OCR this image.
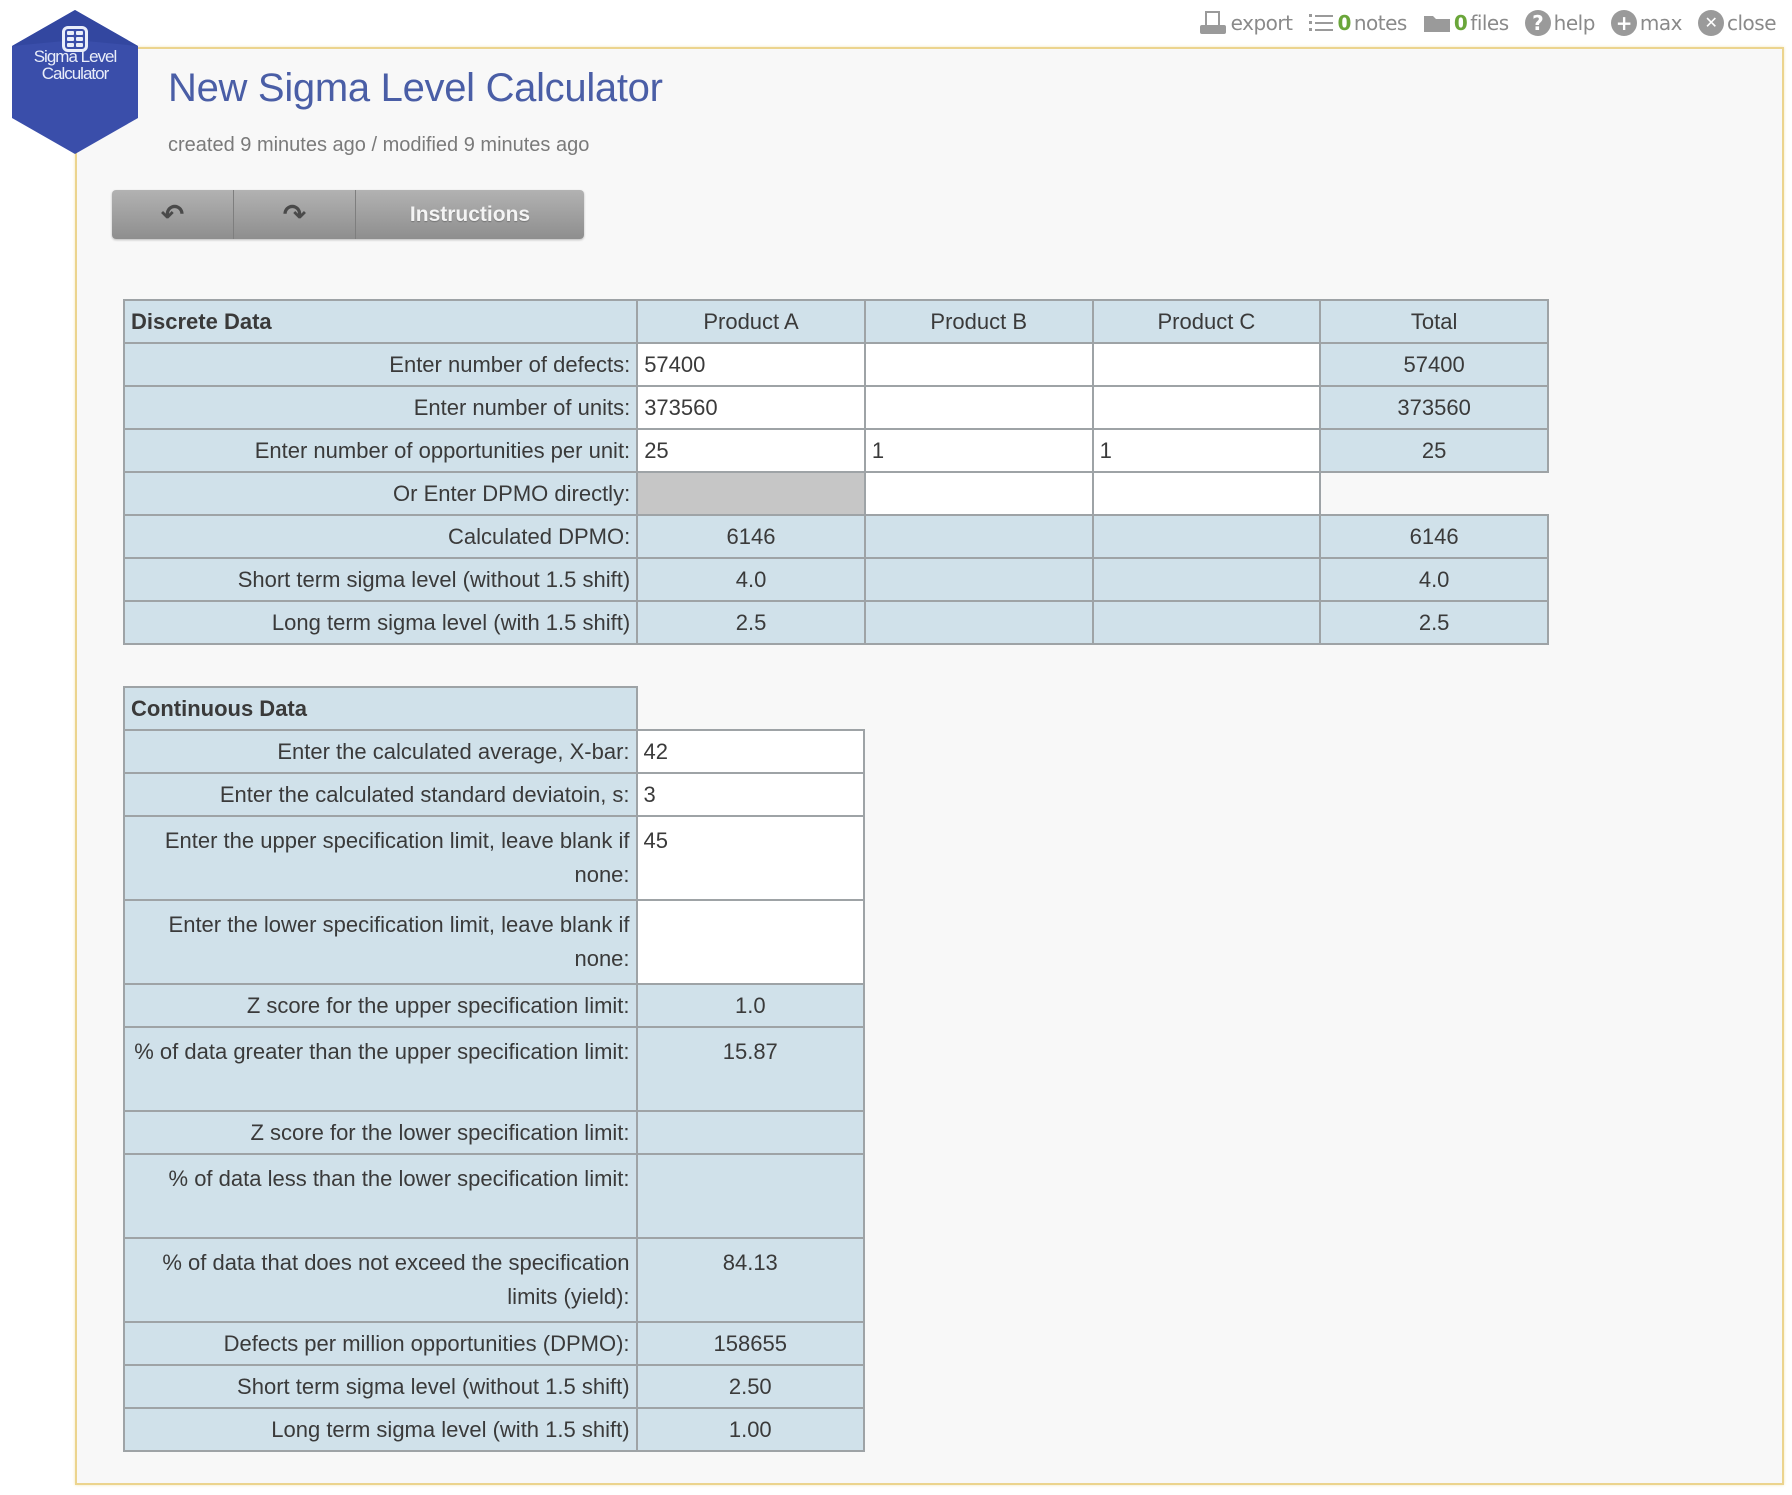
export 0 notes 0 files	? help + max	✕ close
Sigma Level
Calculator	New Sigma Level Calculator
created 9 minutes ago / modified 9 minutes ago
↶	↷	Instructions
Discrete Data	Product A	Product B	Product C	Total
Enter number of defects:	57400			57400
Enter number of units:	373560			373560
Enter number of opportunities per unit:	25	1	1	25
Or Enter DPMO directly:				
Calculated DPMO:	6146			6146
Short term sigma level (without 1.5 shift)	4.0			4.0
Long term sigma level (with 1.5 shift)	2.5			2.5
Continuous Data	
Enter the calculated average, X-bar:	42
Enter the calculated standard deviatoin, s:	3
Enter the upper specification limit, leave blank if none:	45
Enter the lower specification limit, leave blank if none:	
Z score for the upper specification limit:	1.0
% of data greater than the upper specification limit:	15.87
Z score for the lower specification limit:	
% of data less than the lower specification limit:	
% of data that does not exceed the specification limits (yield):	84.13
Defects per million opportunities (DPMO):	158655
Short term sigma level (without 1.5 shift)	2.50
Long term sigma level (with 1.5 shift)	1.00
